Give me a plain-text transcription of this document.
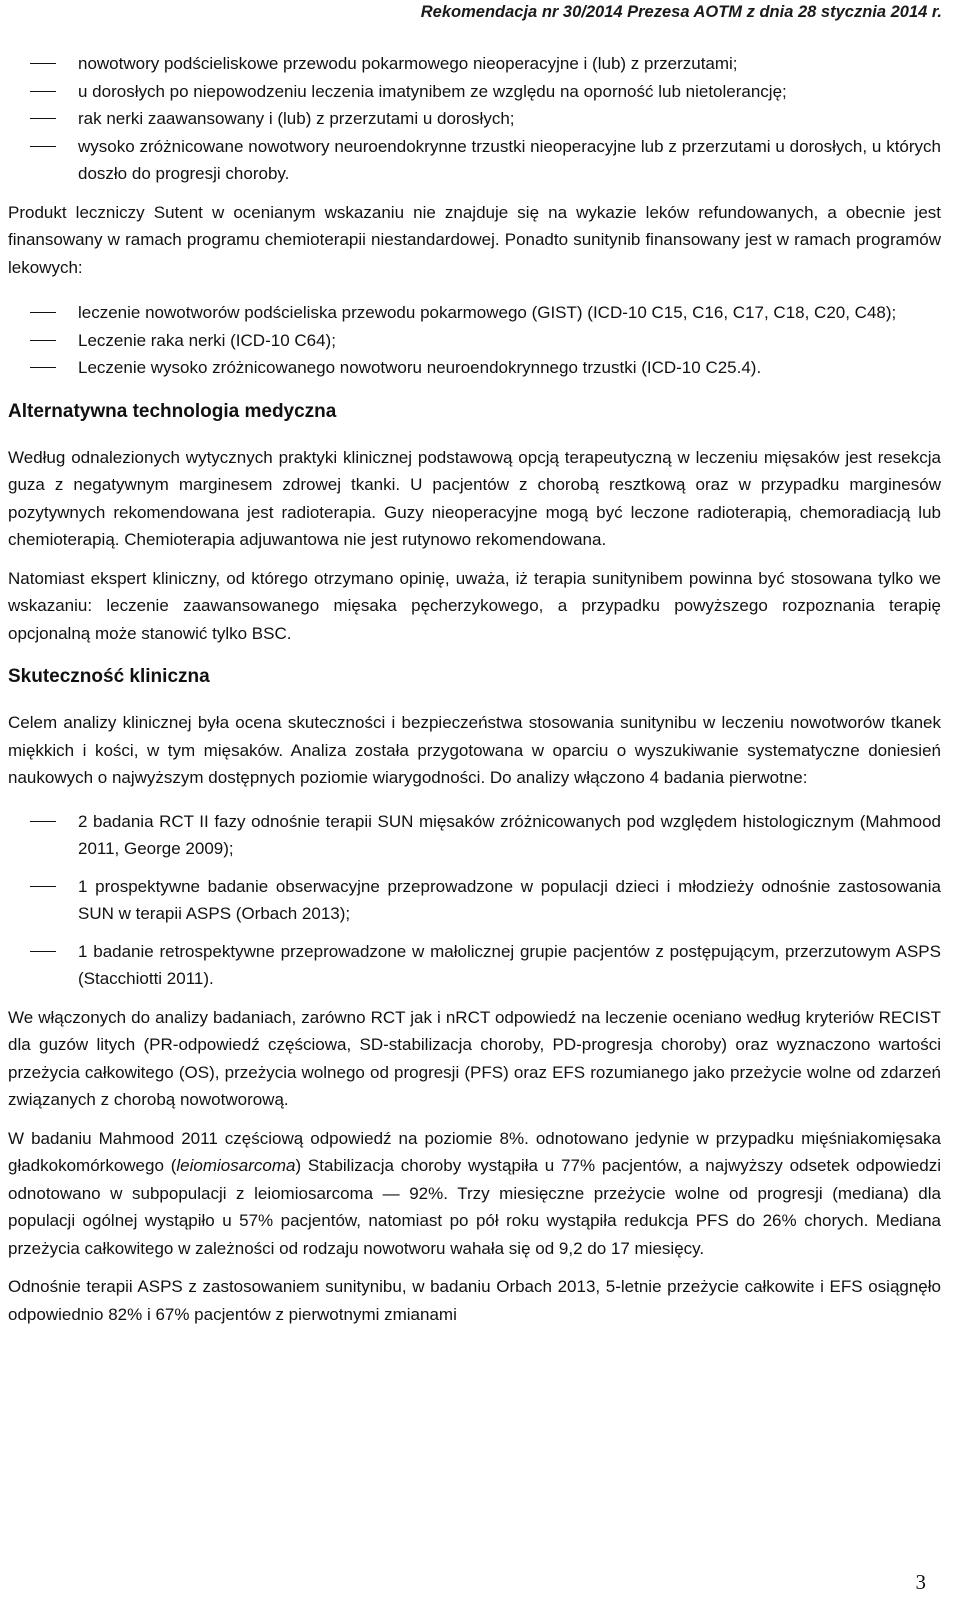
Rekomendacja nr 30/2014 Prezesa AOTM z dnia 28 stycznia 2014 r.
nowotwory podścieliskowe przewodu pokarmowego nieoperacyjne i (lub) z przerzutami;
u dorosłych po niepowodzeniu leczenia imatynibem ze względu na oporność lub nietolerancję;
rak nerki zaawansowany i (lub) z przerzutami u dorosłych;
wysoko zróżnicowane nowotwory neuroendokrynne trzustki nieoperacyjne lub z przerzutami u dorosłych, u których doszło do progresji choroby.

Produkt leczniczy Sutent w ocenianym wskazaniu nie znajduje się na wykazie leków refundowanych, a obecnie jest finansowany w ramach programu chemioterapii niestandardowej. Ponadto sunitynib finansowany jest w ramach programów lekowych:

leczenie nowotworów podścieliska przewodu pokarmowego (GIST) (ICD-10 C15, C16, C17, C18, C20, C48);
Leczenie raka nerki (ICD-10 C64);
Leczenie wysoko zróżnicowanego nowotworu neuroendokrynnego trzustki (ICD-10 C25.4).
Alternatywna technologia medyczna

Według odnalezionych wytycznych praktyki klinicznej podstawową opcją terapeutyczną w leczeniu mięsaków jest resekcja guza z negatywnym marginesem zdrowej tkanki. U pacjentów z chorobą resztkową oraz w przypadku marginesów pozytywnych rekomendowana jest radioterapia. Guzy nieoperacyjne mogą być leczone radioterapią, chemoradiacją lub chemioterapią. Chemioterapia adjuwantowa nie jest rutynowo rekomendowana.

Natomiast ekspert kliniczny, od którego otrzymano opinię, uważa, iż terapia sunitynibem powinna być stosowana tylko we wskazaniu: leczenie zaawansowanego mięsaka pęcherzykowego, a przypadku powyższego rozpoznania terapię opcjonalną może stanowić tylko BSC.

Skuteczność kliniczna

Celem analizy klinicznej była ocena skuteczności i bezpieczeństwa stosowania sunitynibu w leczeniu nowotworów tkanek miękkich i kości, w tym mięsaków. Analiza została przygotowana w oparciu o wyszukiwanie systematyczne doniesień naukowych o najwyższym dostępnych poziomie wiarygodności. Do analizy włączono 4 badania pierwotne:

2 badania RCT II fazy odnośnie terapii SUN mięsaków zróżnicowanych pod względem histologicznym (Mahmood 2011, George 2009);
1 prospektywne badanie obserwacyjne przeprowadzone w populacji dzieci i młodzieży odnośnie zastosowania SUN w terapii ASPS (Orbach 2013);
1 badanie retrospektywne przeprowadzone w małolicznej grupie pacjentów z postępującym, przerzutowym ASPS (Stacchiotti 2011).

We włączonych do analizy badaniach, zarówno RCT jak i nRCT odpowiedź na leczenie oceniano według kryteriów RECIST dla guzów litych (PR-odpowiedź częściowa, SD-stabilizacja choroby, PD-progresja choroby) oraz wyznaczono wartości przeżycia całkowitego (OS), przeżycia wolnego od progresji (PFS) oraz EFS rozumianego jako przeżycie wolne od zdarzeń związanych z chorobą nowotworową.

W badaniu Mahmood 2011 częściową odpowiedź na poziomie 8%. odnotowano jedynie w przypadku mięśniakomięsaka gładkokomórkowego (leiomiosarcoma) Stabilizacja choroby wystąpiła u 77% pacjentów, a najwyższy odsetek odpowiedzi odnotowano w subpopulacji z leiomiosarcoma — 92%. Trzy miesięczne przeżycie wolne od progresji (mediana) dla populacji ogólnej wystąpiło u 57% pacjentów, natomiast po pół roku wystąpiła redukcja PFS do 26% chorych. Mediana przeżycia całkowitego w zależności od rodzaju nowotworu wahała się od 9,2 do 17 miesięcy.

Odnośnie terapii ASPS z zastosowaniem sunitynibu, w badaniu Orbach 2013, 5-letnie przeżycie całkowite i EFS osiągnęło odpowiednio 82% i 67% pacjentów z pierwotnymi zmianami

3
